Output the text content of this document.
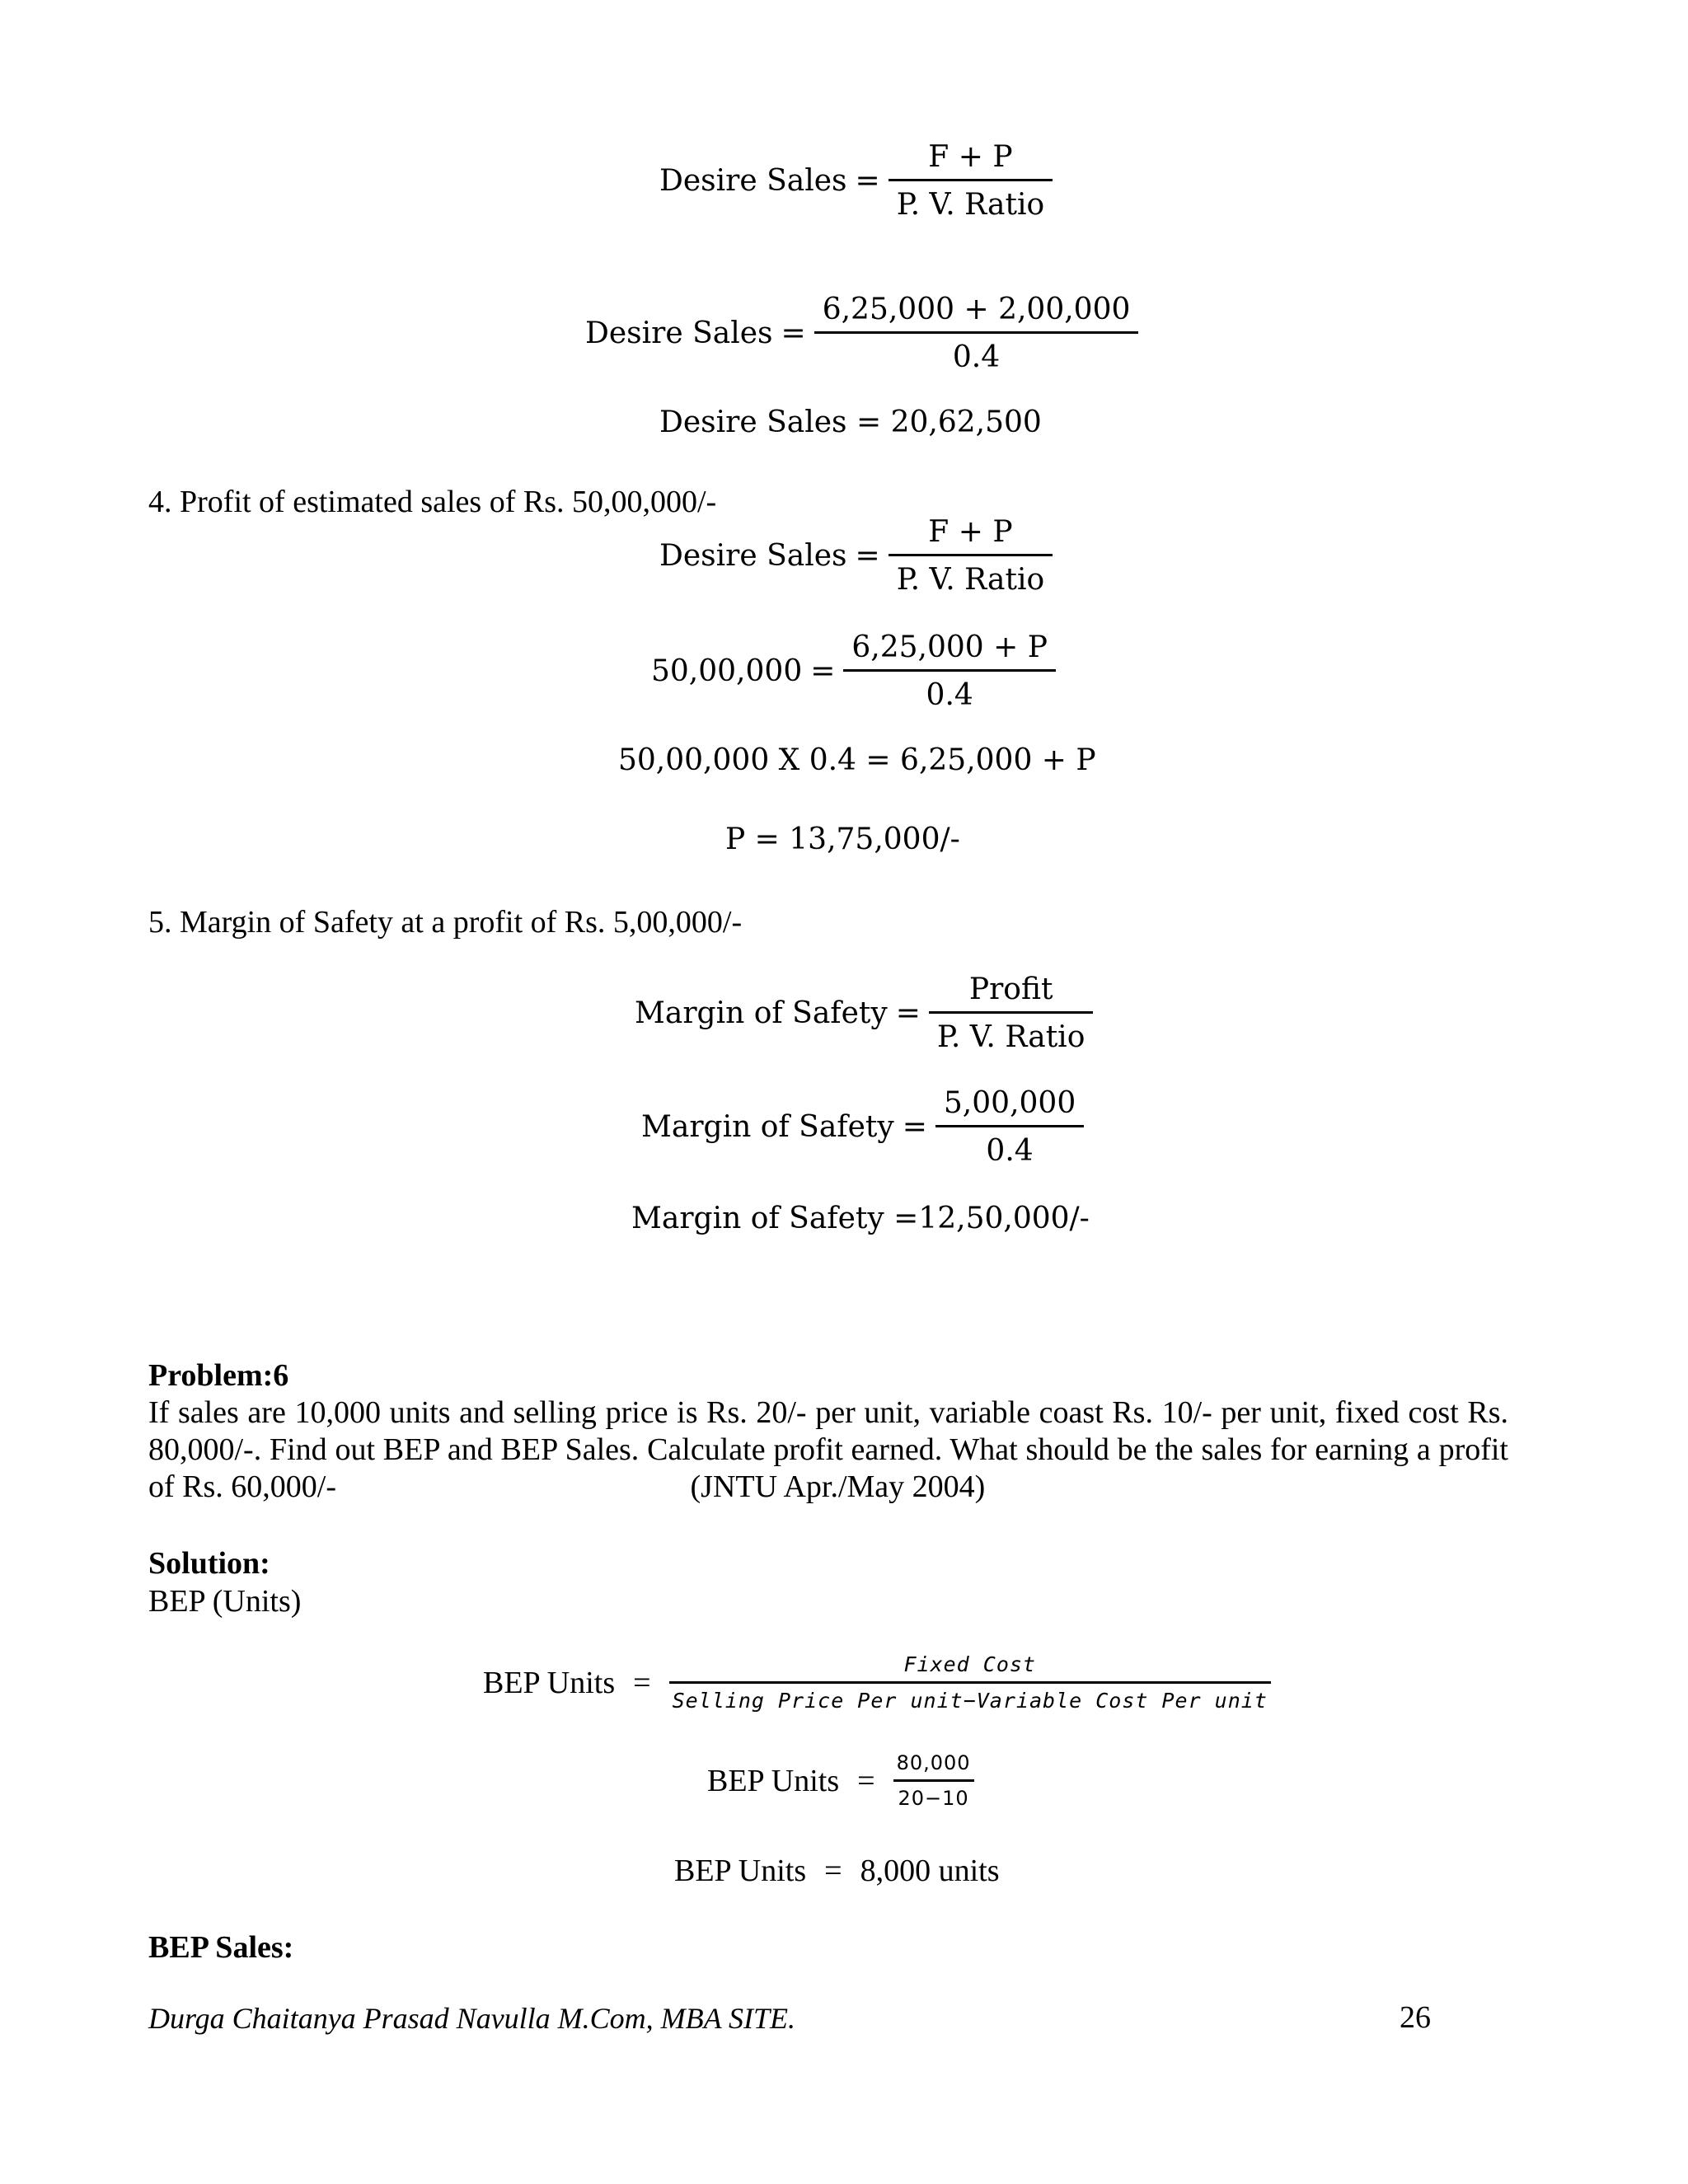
Desire Sales = $\frac{F + P}{\text{P. V. Ratio}}$
Desire Sales = $\frac{6,25,000 + 2,00,000}{0.4}$
Desire Sales = 20,62,500
4. Profit of estimated sales of Rs. 50,00,000/-
Desire Sales = $\frac{F + P}{\text{P. V. Ratio}}$
$50,00,000 = \frac{6,25,000 + P}{0.4}$
50,00,000 X 0.4 = 6,25,000 + P
P = 13,75,000/-
5. Margin of Safety at a profit of Rs. 5,00,000/-
Margin of Safety = $\frac{\text{Profit}}{\text{P. V. Ratio}}$
Margin of Safety = $\frac{5,00,000}{0.4}$
Margin of Safety =12,50,000/-
Problem:6
If sales are 10,000 units and selling price is Rs. 20/- per unit, variable coast Rs. 10/- per unit, fixed cost Rs. 80,000/-. Find out BEP and BEP Sales. Calculate profit earned. What should be the sales for earning a profit of Rs. 60,000/-	(JNTU Apr./May 2004)
Solution:
BEP (Units)
BEP Units = $\frac{\text{Fixed Cost}}{\text{Selling Price Per unit−Variable Cost Per unit}}$
BEP Units = $\frac{80,000}{20-10}$
BEP Units = 8,000 units
BEP Sales:
Durga Chaitanya Prasad Navulla M.Com, MBA SITE.	26
